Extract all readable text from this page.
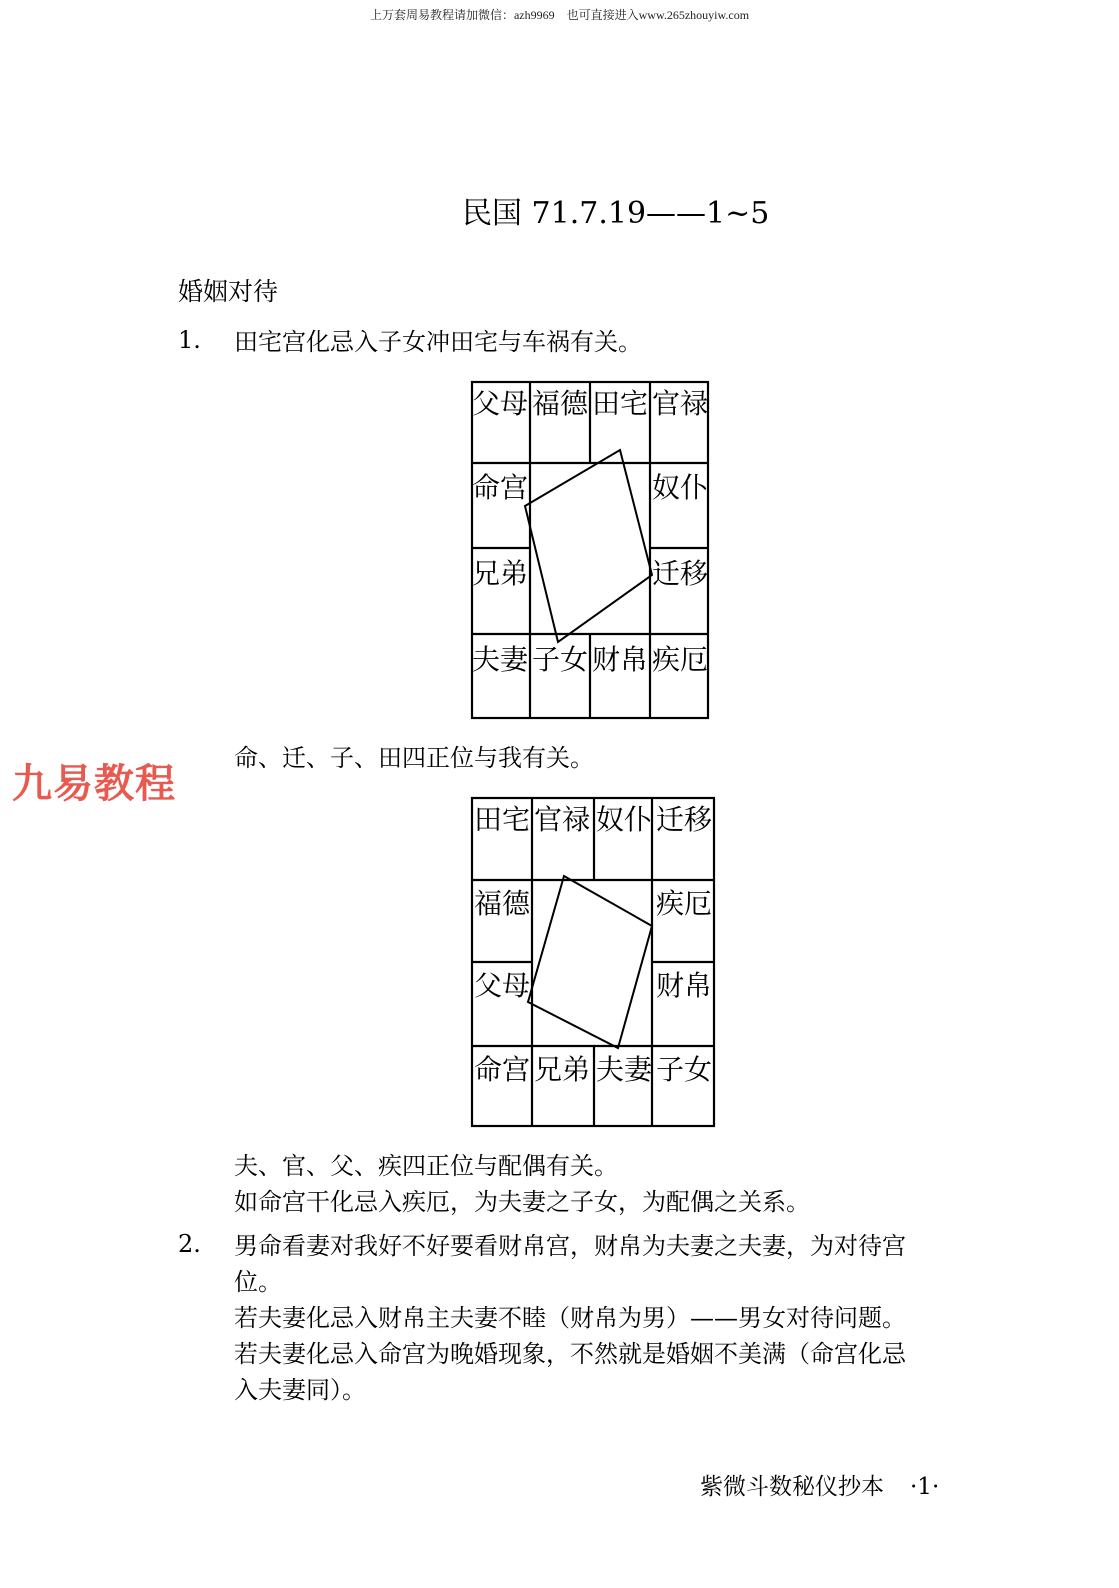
上万套周易教程请加微信：azh9969　也可直接进入www.265zhouyiw.com
民国 71.7.19——1~5
婚姻对待
1. 田宅宫化忌入子女冲田宅与车祸有关。
父母 福德 田宅 官禄
命宫	奴仆
兄弟	迁移
夫妻 子女 财帛 疾厄
九易教程
命、迁、子、田四正位与我有关。
田宅 官禄 奴仆 迁移
福德	疾厄
父母	财帛
命宫 兄弟 夫妻 子女
夫、官、父、疾四正位与配偶有关。
如命宫干化忌入疾厄，为夫妻之子女，为配偶之关系。
2. 男命看妻对我好不好要看财帛宫，财帛为夫妻之夫妻，为对待宫
位。
若夫妻化忌入财帛主夫妻不睦（财帛为男）——男女对待问题。
若夫妻化忌入命宫为晚婚现象，不然就是婚姻不美满（命宫化忌
入夫妻同）。
紫微斗数秘仪抄本 ·1·
